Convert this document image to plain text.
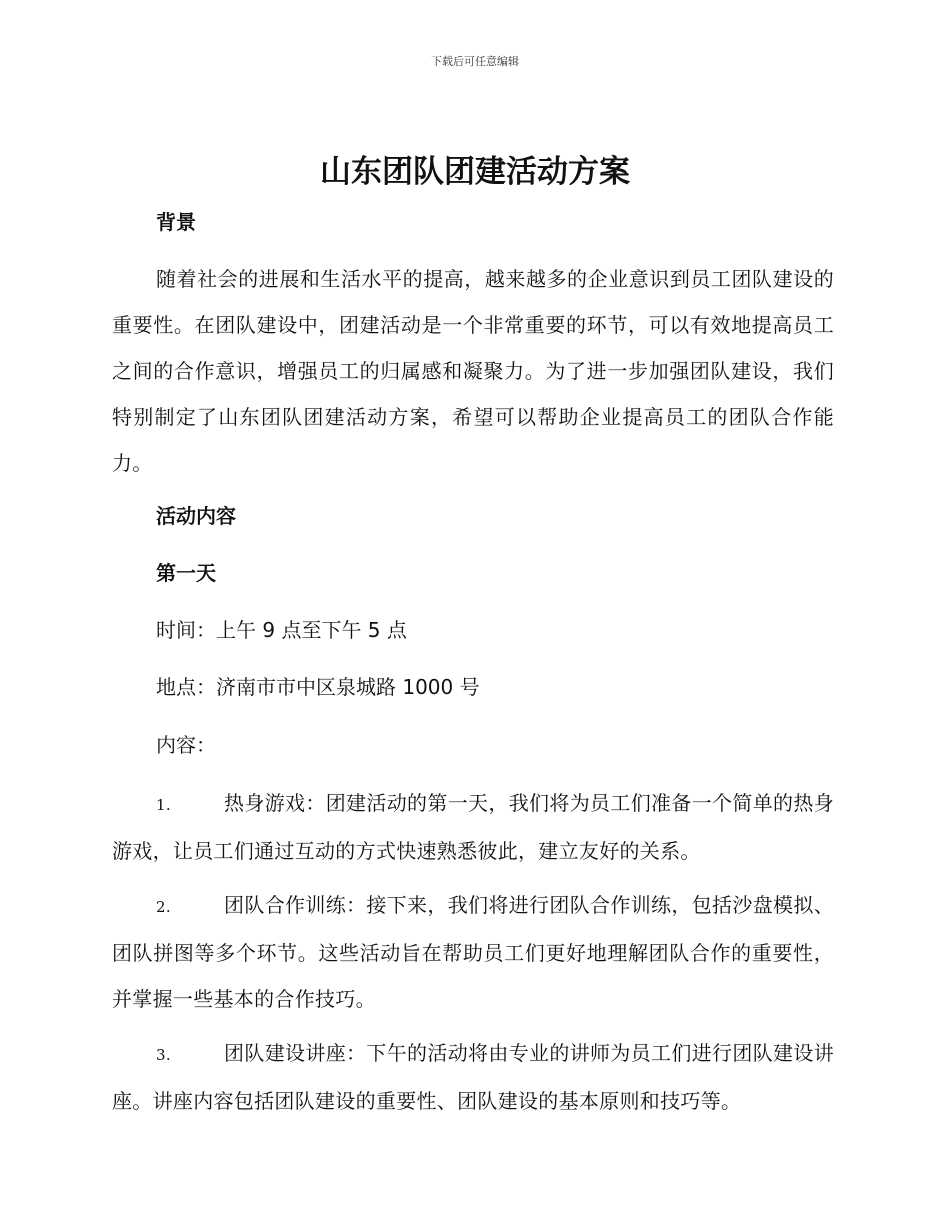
下载后可任意编辑
山东团队团建活动方案
背景

随着社会的进展和生活水平的提高，越来越多的企业意识到员工团队建设的重要性。在团队建设中，团建活动是一个非常重要的环节，可以有效地提高员工之间的合作意识，增强员工的归属感和凝聚力。为了进一步加强团队建设，我们特别制定了山东团队团建活动方案，希望可以帮助企业提高员工的团队合作能力。

活动内容
第一天
时间：上午 9 点至下午 5 点
地点：济南市市中区泉城路 1000 号
内容：

1.	热身游戏：团建活动的第一天，我们将为员工们准备一个简单的热身游戏，让员工们通过互动的方式快速熟悉彼此，建立友好的关系。

2.	团队合作训练：接下来，我们将进行团队合作训练，包括沙盘模拟、团队拼图等多个环节。这些活动旨在帮助员工们更好地理解团队合作的重要性，并掌握一些基本的合作技巧。

3.	团队建设讲座：下午的活动将由专业的讲师为员工们进行团队建设讲座。讲座内容包括团队建设的重要性、团队建设的基本原则和技巧等。
